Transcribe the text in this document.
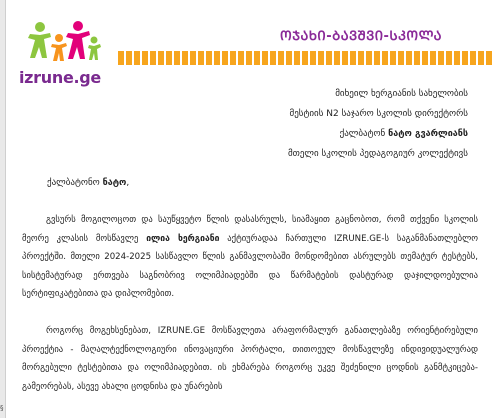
§
izrune.ge
ᲝᲯᲐᲮᲘ-ᲑᲐᲕᲨᲕᲘ-ᲡᲙᲝᲚᲐ
მიხეილ ხერგიანის სახელობის
მესტიის N2 საჯარო სკოლის დირექტორს
ქალბატონ ნატო გვარლიანს
მთელი სკოლის პედაგოგიურ კოლექტივს
ქალბატონო ნატო,
გვსურს მოგილოცოთ და საუწყვეტო წლის დასასრულს, სიამაყით გაცნობოთ, რომ თქვენი სკოლის მეორე კლასის მოსწავლე ილია ხერგიანი აქტიურადაა ჩართული IZRUNE.GE-ს საგანმანათლებლო პროექტში. მთელი 2024-2025 სასწავლო წლის განმავლობაში მონდომებით ასრულებს თემატურ ტესტებს, სისტემატურად ერთვება საგნობრივ ოლიმპიადებში და წარმატების დასტურად დაჯილდოებულია სერტიფიკატებითა და დიპლომებით.
როგორც მოგეხსენებათ, IZRUNE.GE მოსწავლეთა არაფორმალურ განათლებაზე ორიენტირებული პროექტია - მაღალტექნოლოგიური ინოვაციური პორტალი, თითოეულ მოსწავლეზე ინდივიდუალურად მორგებული ტესტებითა და ოლიმპიადებით. ის ეხმარება როგორც უკვე შეძენილი ცოდნის განმტკიცება-გამეორებას, ასევე ახალი ცოდნისა და უნარების
